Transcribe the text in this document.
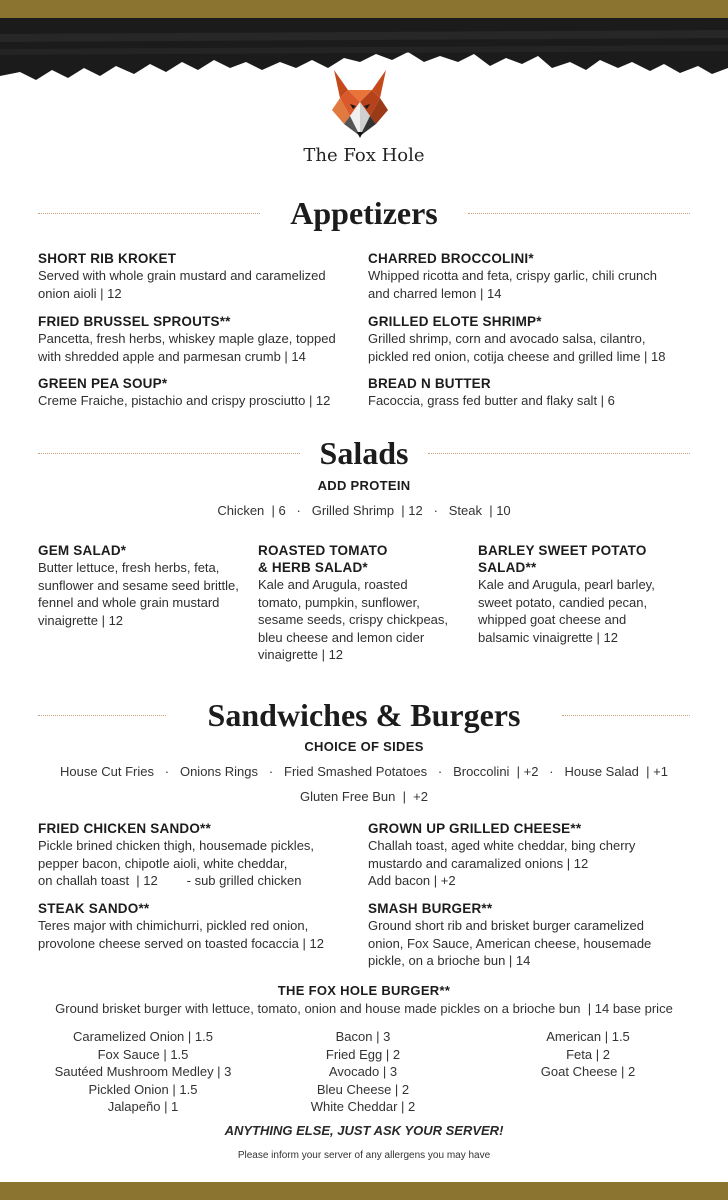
The Fox Hole
Appetizers
SHORT RIB KROKET
Served with whole grain mustard and caramelized
onion aioli | 12
FRIED BRUSSEL SPROUTS**
Pancetta, fresh herbs, whiskey maple glaze, topped
with shredded apple and parmesan crumb | 14
GREEN PEA SOUP*
Creme Fraiche, pistachio and crispy prosciutto | 12
CHARRED BROCCOLINI*
Whipped ricotta and feta, crispy garlic, chili crunch
and charred lemon | 14
GRILLED ELOTE SHRIMP*
Grilled shrimp, corn and avocado salsa, cilantro,
pickled red onion, cotija cheese and grilled lime | 18
BREAD N BUTTER
Facoccia, grass fed butter and flaky salt | 6
Salads
ADD PROTEIN
Chicken  | 6   ·   Grilled Shrimp  | 12   ·   Steak  | 10
GEM SALAD*
Butter lettuce, fresh herbs, feta,
sunflower and sesame seed brittle,
fennel and whole grain mustard
vinaigrette | 12
ROASTED TOMATO
& HERB SALAD*
Kale and Arugula, roasted
tomato, pumpkin, sunflower,
sesame seeds, crispy chickpeas,
bleu cheese and lemon cider
vinaigrette | 12
BARLEY SWEET POTATO
SALAD**
Kale and Arugula, pearl barley,
sweet potato, candied pecan,
whipped goat cheese and
balsamic vinaigrette | 12
Sandwiches & Burgers
CHOICE OF SIDES
House Cut Fries   ·   Onions Rings   ·   Fried Smashed Potatoes   ·   Broccolini  | +2   ·   House Salad  | +1
Gluten Free Bun  |  +2
FRIED CHICKEN SANDO**
Pickle brined chicken thigh, housemade pickles,
pepper bacon, chipotle aioli, white cheddar,
on challah toast  | 12        - sub grilled chicken
STEAK SANDO**
Teres major with chimichurri, pickled red onion,
provolone cheese served on toasted focaccia | 12
GROWN UP GRILLED CHEESE**
Challah toast, aged white cheddar, bing cherry
mustardo and caramalized onions | 12
Add bacon | +2
SMASH BURGER**
Ground short rib and brisket burger caramelized
onion, Fox Sauce, American cheese, housemade
pickle, on a brioche bun | 14
THE FOX HOLE BURGER**
Ground brisket burger with lettuce, tomato, onion and house made pickles on a brioche bun  | 14 base price
Caramelized Onion | 1.5
Fox Sauce | 1.5
Sautéed Mushroom Medley | 3
Pickled Onion | 1.5
Jalapeño | 1
Bacon | 3
Fried Egg | 2
Avocado | 3
Bleu Cheese | 2
White Cheddar | 2
American | 1.5
Feta | 2
Goat Cheese | 2
ANYTHING ELSE, JUST ASK YOUR SERVER!
Please inform your server of any allergens you may have
